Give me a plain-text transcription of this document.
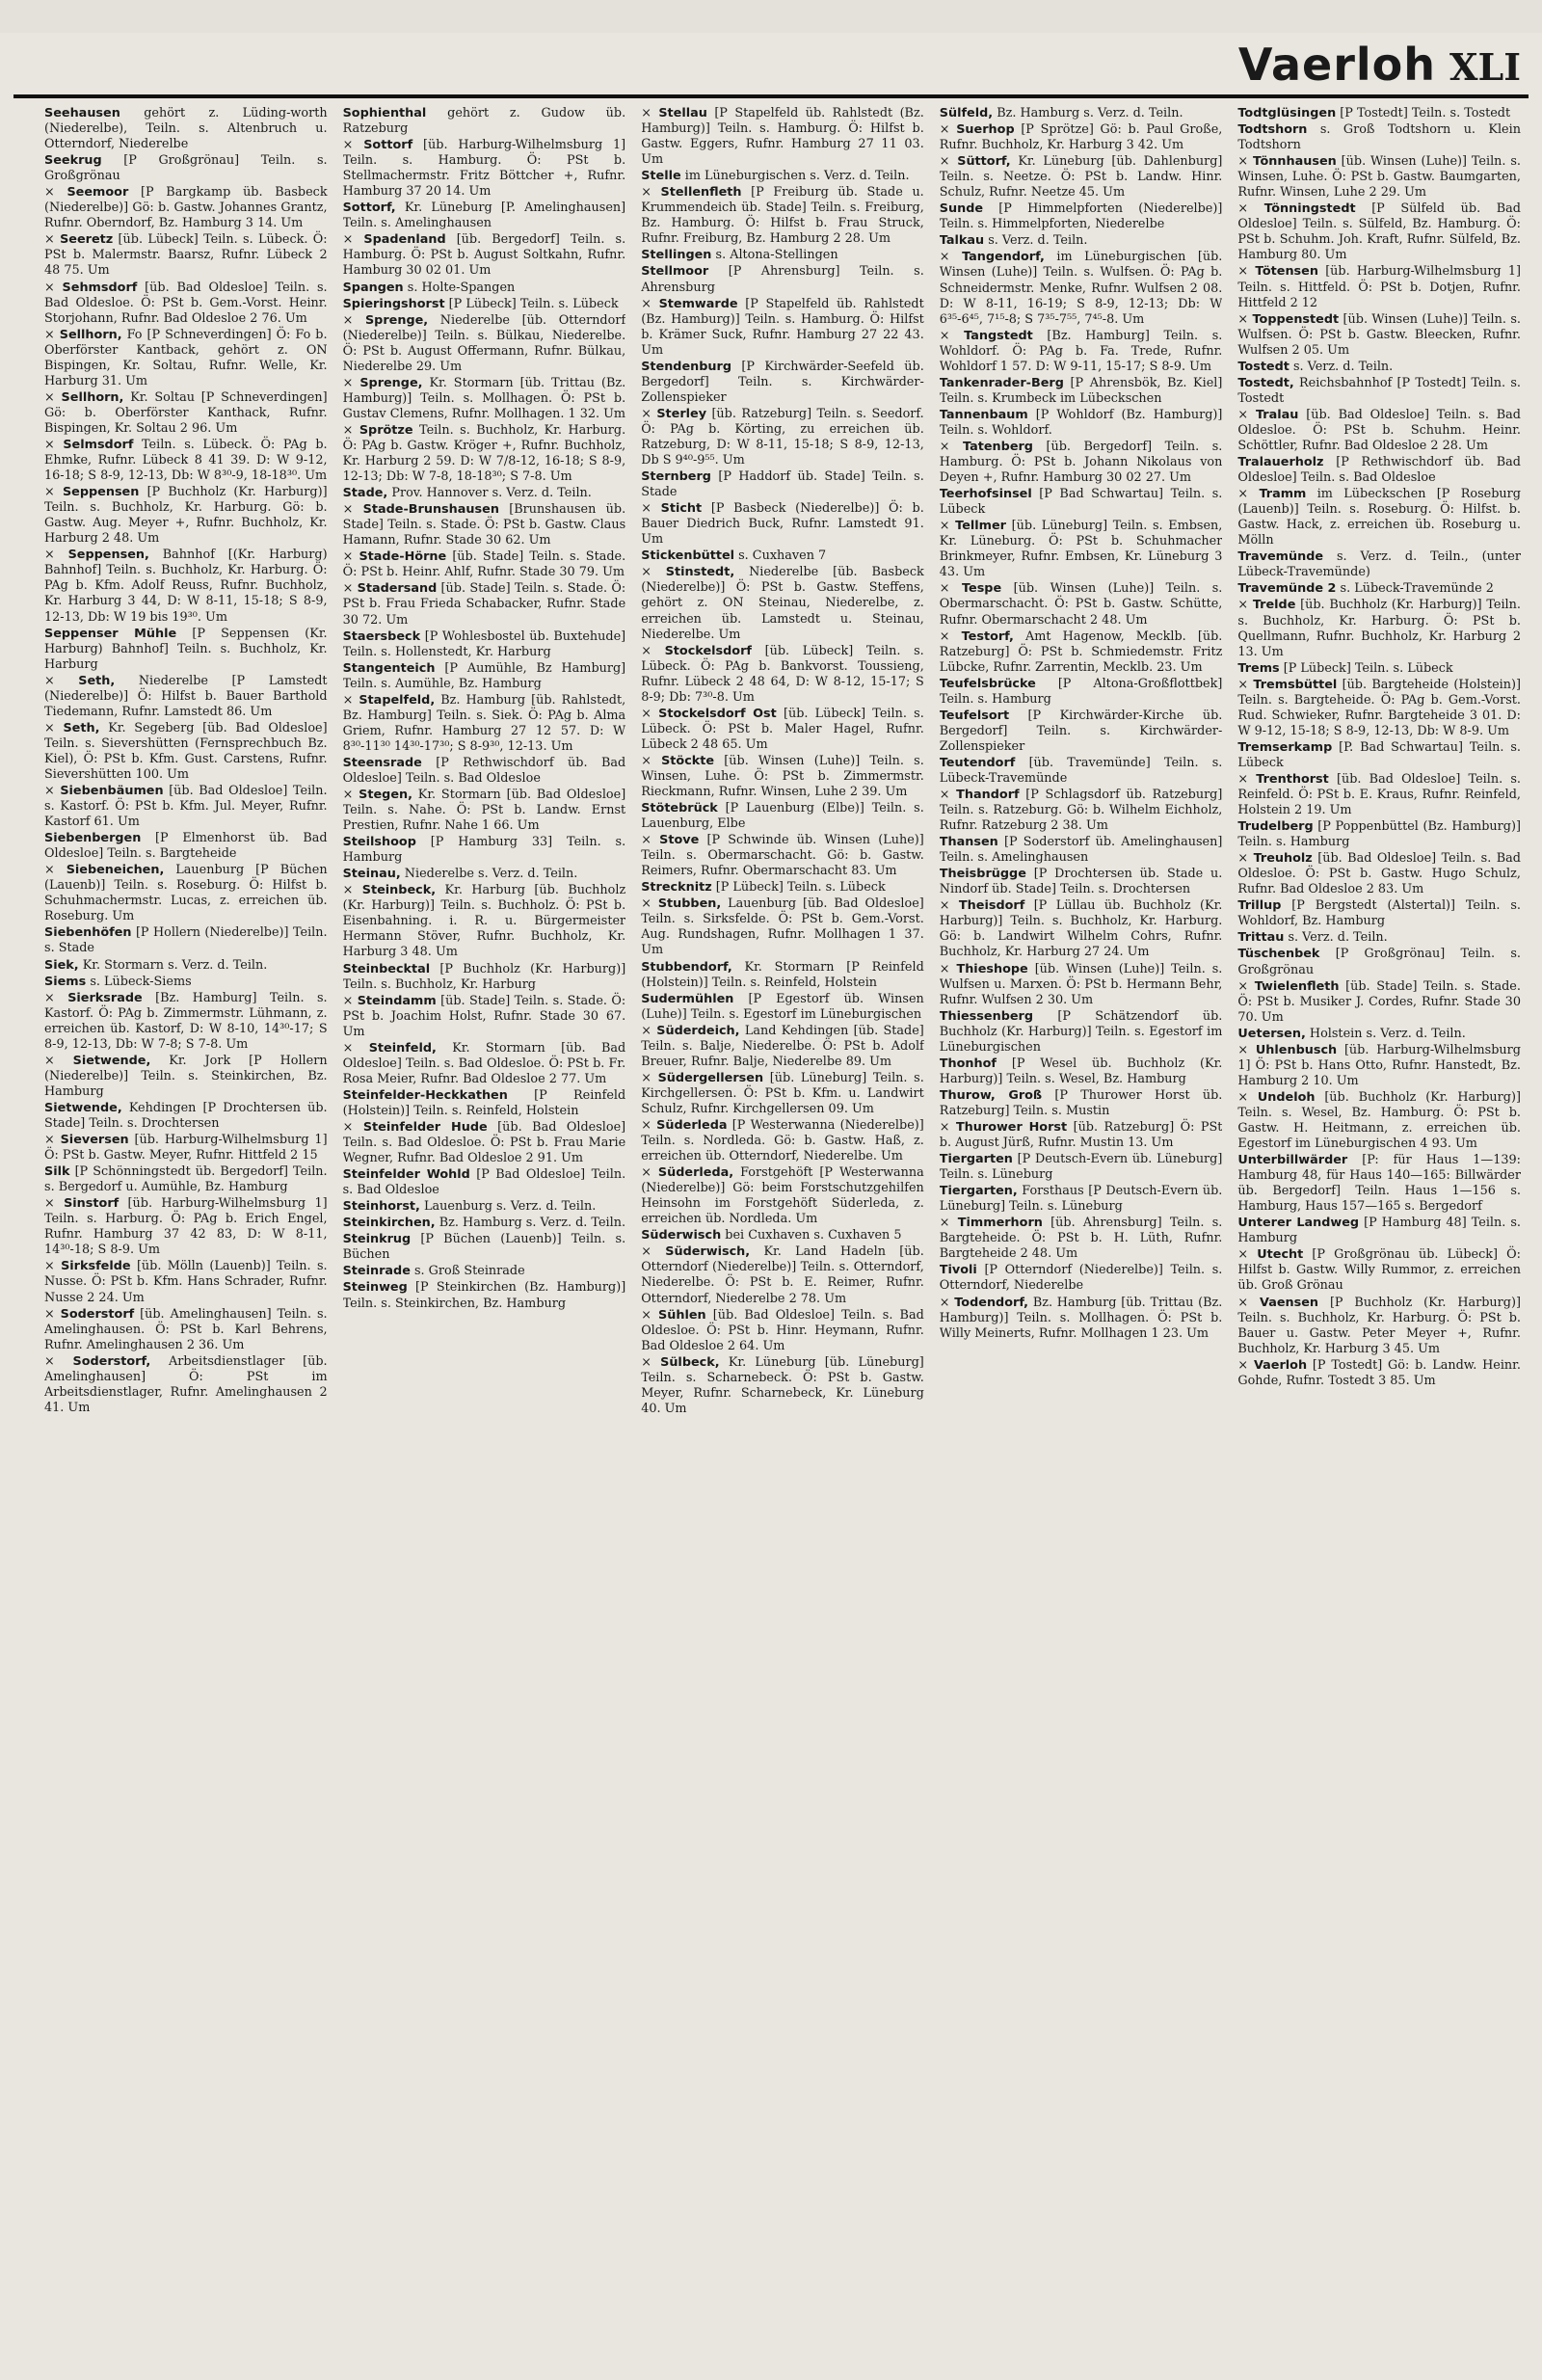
Vaerloh XLI
Seehausen gehört z. Lüding-worth (Niederelbe), Teiln. s. Altenbruch u. Otterndorf, Niederelbe
Seekrug [P Großgrönau] Teiln. s. Großgrönau
× Seemoor [P Bargkamp üb. Basbeck (Niederelbe)] Gö: b. Gastw. Johannes Grantz, Rufnr. Oberndorf, Bz. Hamburg 3 14. Um
× Seeretz [üb. Lübeck] Teiln. s. Lübeck. Ö: PSt b. Malermstr. Baarsz, Rufnr. Lübeck 2 48 75. Um
× Sehmsdorf [üb. Bad Oldesloe] Teiln. s. Bad Oldesloe. Ö: PSt b. Gem.-Vorst. Heinr. Storjohann, Rufnr. Bad Oldesloe 2 76. Um
× Sellhorn, Fo [P Schneverdingen] Ö: Fo b. Oberförster Kantback, gehört z. ON Bispingen, Kr. Soltau, Rufnr. Welle, Kr. Harburg 31. Um
× Sellhorn, Kr. Soltau [P Schneverdingen] Gö: b. Oberförster Kanthack, Rufnr. Bispingen, Kr. Soltau 2 96. Um
× Selmsdorf Teiln. s. Lübeck. Ö: PAg b. Ehmke, Rufnr. Lübeck 8 41 39. D: W 9-12, 16-18; S 8-9, 12-13, Db: W 8³⁰-9, 18-18³⁰. Um
× Seppensen [P Buchholz (Kr. Harburg)] Teiln. s. Buchholz, Kr. Harburg. Gö: b. Gastw. Aug. Meyer +, Rufnr. Buchholz, Kr. Harburg 2 48. Um
× Seppensen, Bahnhof [(Kr. Harburg) Bahnhof] Teiln. s. Buchholz, Kr. Harburg. Ö: PAg b. Kfm. Adolf Reuss, Rufnr. Buchholz, Kr. Harburg 3 44, D: W 8-11, 15-18; S 8-9, 12-13, Db: W 19 bis 19³⁰. Um
Seppenser Mühle [P Seppensen (Kr. Harburg) Bahnhof] Teiln. s. Buchholz, Kr. Harburg
× Seth, Niederelbe [P Lamstedt (Niederelbe)] Ö: Hilfst b. Bauer Barthold Tiedemann, Rufnr. Lamstedt 86. Um
× Seth, Kr. Segeberg [üb. Bad Oldesloe] Teiln. s. Sievershütten (Fernsprechbuch Bz. Kiel), Ö: PSt b. Kfm. Gust. Carstens, Rufnr. Sievershütten 100. Um
× Siebenbäumen [üb. Bad Oldesloe] Teiln. s. Kastorf. Ö: PSt b. Kfm. Jul. Meyer, Rufnr. Kastorf 61. Um
Siebenbergen [P Elmenhorst üb. Bad Oldesloe] Teiln. s. Bargteheide
× Siebeneichen, Lauenburg [P Büchen (Lauenb)] Teiln. s. Roseburg. Ö: Hilfst b. Schuhmachermstr. Lucas, z. erreichen üb. Roseburg. Um
Siebenhöfen [P Hollern (Niederelbe)] Teiln. s. Stade
Siek, Kr. Stormarn s. Verz. d. Teiln.
Siems s. Lübeck-Siems
× Sierksrade [Bz. Hamburg] Teiln. s. Kastorf. Ö: PAg b. Zimmermstr. Lühmann, z. erreichen üb. Kastorf, D: W 8-10, 14³⁰-17; S 8-9, 12-13, Db: W 7-8; S 7-8. Um
× Sietwende, Kr. Jork [P Hollern (Niederelbe)] Teiln. s. Steinkirchen, Bz. Hamburg
Sietwende, Kehdingen [P Drochtersen üb. Stade] Teiln. s. Drochtersen
× Sieversen [üb. Harburg-Wilhelmsburg 1] Ö: PSt b. Gastw. Meyer, Rufnr. Hittfeld 2 15
Silk [P Schönningstedt üb. Bergedorf] Teiln. s. Bergedorf u. Aumühle, Bz. Hamburg
× Sinstorf [üb. Harburg-Wilhelmsburg 1] Teiln. s. Harburg. Ö: PAg b. Erich Engel, Rufnr. Hamburg 37 42 83, D: W 8-11, 14³⁰-18; S 8-9. Um
× Sirksfelde [üb. Mölln (Lauenb)] Teiln. s. Nusse. Ö: PSt b. Kfm. Hans Schrader, Rufnr. Nusse 2 24. Um
× Soderstorf [üb. Amelinghausen] Teiln. s. Amelinghausen. Ö: PSt b. Karl Behrens, Rufnr. Amelinghausen 2 36. Um
× Soderstorf, Arbeitsdienstlager [üb. Amelinghausen] Ö: PSt im Arbeitsdienstlager, Rufnr. Amelinghausen 2 41. Um
Sophienthal gehört z. Gudow üb. Ratzeburg
× Sottorf [üb. Harburg-Wilhelmsburg 1] Teiln. s. Hamburg. Ö: PSt b. Stellmachermstr. Fritz Böttcher +, Rufnr. Hamburg 37 20 14. Um
Sottorf, Kr. Lüneburg [P. Amelinghausen] Teiln. s. Amelinghausen
× Spadenland [üb. Bergedorf] Teiln. s. Hamburg. Ö: PSt b. August Soltkahn, Rufnr. Hamburg 30 02 01. Um
Spangen s. Holte-Spangen
Spieringshorst [P Lübeck] Teiln. s. Lübeck
× Sprenge, Niederelbe [üb. Otterndorf (Niederelbe)] Teiln. s. Bülkau, Niederelbe. Ö: PSt b. August Offermann, Rufnr. Bülkau, Niederelbe 29. Um
× Sprenge, Kr. Stormarn [üb. Trittau (Bz. Hamburg)] Teiln. s. Mollhagen. Ö: PSt b. Gustav Clemens, Rufnr. Mollhagen. 1 32. Um
× Sprötze Teiln. s. Buchholz, Kr. Harburg. Ö: PAg b. Gastw. Kröger +, Rufnr. Buchholz, Kr. Harburg 2 59. D: W 7/8-12, 16-18; S 8-9, 12-13; Db: W 7-8, 18-18³⁰; S 7-8. Um
Stade, Prov. Hannover s. Verz. d. Teiln.
× Stade-Brunshausen [Brunshausen üb. Stade] Teiln. s. Stade. Ö: PSt b. Gastw. Claus Hamann, Rufnr. Stade 30 62. Um
× Stade-Hörne [üb. Stade] Teiln. s. Stade. Ö: PSt b. Heinr. Ahlf, Rufnr. Stade 30 79. Um
× Stadersand [üb. Stade] Teiln. s. Stade. Ö: PSt b. Frau Frieda Schabacker, Rufnr. Stade 30 72. Um
Staersbeck [P Wohlesbostel üb. Buxtehude] Teiln. s. Hollenstedt, Kr. Harburg
Stangenteich [P Aumühle, Bz Hamburg] Teiln. s. Aumühle, Bz. Hamburg
× Stapelfeld, Bz. Hamburg [üb. Rahlstedt, Bz. Hamburg] Teiln. s. Siek. Ö: PAg b. Alma Griem, Rufnr. Hamburg 27 12 57. D: W 8³⁰-11³⁰ 14³⁰-17³⁰; S 8-9³⁰, 12-13. Um
Steensrade [P Rethwischdorf üb. Bad Oldesloe] Teiln. s. Bad Oldesloe
× Stegen, Kr. Stormarn [üb. Bad Oldesloe] Teiln. s. Nahe. Ö: PSt b. Landw. Ernst Prestien, Rufnr. Nahe 1 66. Um
Steilshoop [P Hamburg 33] Teiln. s. Hamburg
Steinau, Niederelbe s. Verz. d. Teiln.
× Steinbeck, Kr. Harburg [üb. Buchholz (Kr. Harburg)] Teiln. s. Buchholz. Ö: PSt b. Eisenbahning. i. R. u. Bürgermeister Hermann Stöver, Rufnr. Buchholz, Kr. Harburg 3 48. Um
Steinbecktal [P Buchholz (Kr. Harburg)] Teiln. s. Buchholz, Kr. Harburg
× Steindamm [üb. Stade] Teiln. s. Stade. Ö: PSt b. Joachim Holst, Rufnr. Stade 30 67. Um
× Steinfeld, Kr. Stormarn [üb. Bad Oldesloe] Teiln. s. Bad Oldesloe. Ö: PSt b. Fr. Rosa Meier, Rufnr. Bad Oldesloe 2 77. Um
Steinfelder-Heckkathen [P Reinfeld (Holstein)] Teiln. s. Reinfeld, Holstein
× Steinfelder Hude [üb. Bad Oldesloe] Teiln. s. Bad Oldesloe. Ö: PSt b. Frau Marie Wegner, Rufnr. Bad Oldesloe 2 91. Um
Steinfelder Wohld [P Bad Oldesloe] Teiln. s. Bad Oldesloe
Steinhorst, Lauenburg s. Verz. d. Teiln.
Steinkirchen, Bz. Hamburg s. Verz. d. Teiln.
Steinkrug [P Büchen (Lauenb)] Teiln. s. Büchen
Steinrade s. Groß Steinrade
Steinweg [P Steinkirchen (Bz. Hamburg)] Teiln. s. Steinkirchen, Bz. Hamburg
× Stellau [P Stapelfeld üb. Rahlstedt (Bz. Hamburg)] Teiln. s. Hamburg. Ö: Hilfst b. Gastw. Eggers, Rufnr. Hamburg 27 11 03. Um
Stelle im Lüneburgischen s. Verz. d. Teiln.
× Stellenfleth [P Freiburg üb. Stade u. Krummendeich üb. Stade] Teiln. s. Freiburg, Bz. Hamburg. Ö: Hilfst b. Frau Struck, Rufnr. Freiburg, Bz. Hamburg 2 28. Um
Stellingen s. Altona-Stellingen
Stellmoor [P Ahrensburg] Teiln. s. Ahrensburg
× Stemwarde [P Stapelfeld üb. Rahlstedt (Bz. Hamburg)] Teiln. s. Hamburg. Ö: Hilfst b. Krämer Suck, Rufnr. Hamburg 27 22 43. Um
Stendenburg [P Kirchwärder-Seefeld üb. Bergedorf] Teiln. s. Kirchwärder-Zollenspieker
× Sterley [üb. Ratzeburg] Teiln. s. Seedorf. Ö: PAg b. Körting, zu erreichen üb. Ratzeburg, D: W 8-11, 15-18; S 8-9, 12-13, Db S 9⁴⁰-9⁵⁵. Um
Sternberg [P Haddorf üb. Stade] Teiln. s. Stade
× Sticht [P Basbeck (Niederelbe)] Ö: b. Bauer Diedrich Buck, Rufnr. Lamstedt 91. Um
Stickenbüttel s. Cuxhaven 7
× Stinstedt, Niederelbe [üb. Basbeck (Niederelbe)] Ö: PSt b. Gastw. Steffens, gehört z. ON Steinau, Niederelbe, z. erreichen üb. Lamstedt u. Steinau, Niederelbe. Um
× Stockelsdorf [üb. Lübeck] Teiln. s. Lübeck. Ö: PAg b. Bankvorst. Toussieng, Rufnr. Lübeck 2 48 64, D: W 8-12, 15-17; S 8-9; Db: 7³⁰-8. Um
× Stockelsdorf Ost [üb. Lübeck] Teiln. s. Lübeck. Ö: PSt b. Maler Hagel, Rufnr. Lübeck 2 48 65. Um
× Stöckte [üb. Winsen (Luhe)] Teiln. s. Winsen, Luhe. Ö: PSt b. Zimmermstr. Rieckmann, Rufnr. Winsen, Luhe 2 39. Um
Stötebrück [P Lauenburg (Elbe)] Teiln. s. Lauenburg, Elbe
× Stove [P Schwinde üb. Winsen (Luhe)] Teiln. s. Obermarschacht. Gö: b. Gastw. Reimers, Rufnr. Obermarschacht 83. Um
Strecknitz [P Lübeck] Teiln. s. Lübeck
× Stubben, Lauenburg [üb. Bad Oldesloe] Teiln. s. Sirksfelde. Ö: PSt b. Gem.-Vorst. Aug. Rundshagen, Rufnr. Mollhagen 1 37. Um
Stubbendorf, Kr. Stormarn [P Reinfeld (Holstein)] Teiln. s. Reinfeld, Holstein
Sudermühlen [P Egestorf üb. Winsen (Luhe)] Teiln. s. Egestorf im Lüneburgischen
× Süderdeich, Land Kehdingen [üb. Stade] Teiln. s. Balje, Niederelbe. Ö: PSt b. Adolf Breuer, Rufnr. Balje, Niederelbe 89. Um
× Südergellersen [üb. Lüneburg] Teiln. s. Kirchgellersen. Ö: PSt b. Kfm. u. Landwirt Schulz, Rufnr. Kirchgellersen 09. Um
× Süderleda [P Westerwanna (Niederelbe)] Teiln. s. Nordleda. Gö: b. Gastw. Haß, z. erreichen üb. Otterndorf, Niederelbe. Um
× Süderleda, Forstgehöft [P Westerwanna (Niederelbe)] Gö: beim Forstschutzgehilfen Heinsohn im Forstgehöft Süderleda, z. erreichen üb. Nordleda. Um
Süderwisch bei Cuxhaven s. Cuxhaven 5
× Süderwisch, Kr. Land Hadeln [üb. Otterndorf (Niederelbe)] Teiln. s. Otterndorf, Niederelbe. Ö: PSt b. E. Reimer, Rufnr. Otterndorf, Niederelbe 2 78. Um
× Sühlen [üb. Bad Oldesloe] Teiln. s. Bad Oldesloe. Ö: PSt b. Hinr. Heymann, Rufnr. Bad Oldesloe 2 64. Um
× Sülbeck, Kr. Lüneburg [üb. Lüneburg] Teiln. s. Scharnebeck. Ö: PSt b. Gastw. Meyer, Rufnr. Scharnebeck, Kr. Lüneburg 40. Um
Sülfeld, Bz. Hamburg s. Verz. d. Teiln.
× Suerhop [P Sprötze] Gö: b. Paul Große, Rufnr. Buchholz, Kr. Harburg 3 42. Um
× Süttorf, Kr. Lüneburg [üb. Dahlenburg] Teiln. s. Neetze. Ö: PSt b. Landw. Hinr. Schulz, Rufnr. Neetze 45. Um
Sunde [P Himmelpforten (Niederelbe)] Teiln. s. Himmelpforten, Niederelbe
Talkau s. Verz. d. Teiln.
× Tangendorf, im Lüneburgischen [üb. Winsen (Luhe)] Teiln. s. Wulfsen. Ö: PAg b. Schneidermstr. Menke, Rufnr. Wulfsen 2 08. D: W 8-11, 16-19; S 8-9, 12-13; Db: W 6³⁵-6⁴⁵, 7¹⁵-8; S 7³⁵-7⁵⁵, 7⁴⁵-8. Um
× Tangstedt [Bz. Hamburg] Teiln. s. Wohldorf. Ö: PAg b. Fa. Trede, Rufnr. Wohldorf 1 57. D: W 9-11, 15-17; S 8-9. Um
Tankenrader-Berg [P Ahrensbök, Bz. Kiel] Teiln. s. Krumbeck im Lübeckschen
Tannenbaum [P Wohldorf (Bz. Hamburg)] Teiln. s. Wohldorf.
× Tatenberg [üb. Bergedorf] Teiln. s. Hamburg. Ö: PSt b. Johann Nikolaus von Deyen +, Rufnr. Hamburg 30 02 27. Um
Teerhofsinsel [P Bad Schwartau] Teiln. s. Lübeck
× Tellmer [üb. Lüneburg] Teiln. s. Embsen, Kr. Lüneburg. Ö: PSt b. Schuhmacher Brinkmeyer, Rufnr. Embsen, Kr. Lüneburg 3 43. Um
× Tespe [üb. Winsen (Luhe)] Teiln. s. Obermarschacht. Ö: PSt b. Gastw. Schütte, Rufnr. Obermarschacht 2 48. Um
× Testorf, Amt Hagenow, Mecklb. [üb. Ratzeburg] Ö: PSt b. Schmiedemstr. Fritz Lübcke, Rufnr. Zarrentin, Mecklb. 23. Um
Teufelsbrücke [P Altona-Großflottbek] Teiln. s. Hamburg
Teufelsort [P Kirchwärder-Kirche üb. Bergedorf] Teiln. s. Kirchwärder-Zollenspieker
Teutendorf [üb. Travemünde] Teiln. s. Lübeck-Travemünde
× Thandorf [P Schlagsdorf üb. Ratzeburg] Teiln. s. Ratzeburg. Gö: b. Wilhelm Eichholz, Rufnr. Ratzeburg 2 38. Um
Thansen [P Soderstorf üb. Amelinghausen] Teiln. s. Amelinghausen
Theisbrügge [P Drochtersen üb. Stade u. Nindorf üb. Stade] Teiln. s. Drochtersen
× Theisdorf [P Lüllau üb. Buchholz (Kr. Harburg)] Teiln. s. Buchholz, Kr. Harburg. Gö: b. Landwirt Wilhelm Cohrs, Rufnr. Buchholz, Kr. Harburg 27 24. Um
× Thieshope [üb. Winsen (Luhe)] Teiln. s. Wulfsen u. Marxen. Ö: PSt b. Hermann Behr, Rufnr. Wulfsen 2 30. Um
Thiessenberg [P Schätzendorf üb. Buchholz (Kr. Harburg)] Teiln. s. Egestorf im Lüneburgischen
Thonhof [P Wesel üb. Buchholz (Kr. Harburg)] Teiln. s. Wesel, Bz. Hamburg
Thurow, Groß [P Thurower Horst üb. Ratzeburg] Teiln. s. Mustin
× Thurower Horst [üb. Ratzeburg] Ö: PSt b. August Jürß, Rufnr. Mustin 13. Um
Tiergarten [P Deutsch-Evern üb. Lüneburg] Teiln. s. Lüneburg
Tiergarten, Forsthaus [P Deutsch-Evern üb. Lüneburg] Teiln. s. Lüneburg
× Timmerhorn [üb. Ahrensburg] Teiln. s. Bargteheide. Ö: PSt b. H. Lüth, Rufnr. Bargteheide 2 48. Um
Tivoli [P Otterndorf (Niederelbe)] Teiln. s. Otterndorf, Niederelbe
× Todendorf, Bz. Hamburg [üb. Trittau (Bz. Hamburg)] Teiln. s. Mollhagen. Ö: PSt b. Willy Meinerts, Rufnr. Mollhagen 1 23. Um
Todtglüsingen [P Tostedt] Teiln. s. Tostedt
Todtshorn s. Groß Todtshorn u. Klein Todtshorn
× Tönnhausen [üb. Winsen (Luhe)] Teiln. s. Winsen, Luhe. Ö: PSt b. Gastw. Baumgarten, Rufnr. Winsen, Luhe 2 29. Um
× Tönningstedt [P Sülfeld üb. Bad Oldesloe] Teiln. s. Sülfeld, Bz. Hamburg. Ö: PSt b. Schuhm. Joh. Kraft, Rufnr. Sülfeld, Bz. Hamburg 80. Um
× Tötensen [üb. Harburg-Wilhelmsburg 1] Teiln. s. Hittfeld. Ö: PSt b. Dotjen, Rufnr. Hittfeld 2 12
× Toppenstedt [üb. Winsen (Luhe)] Teiln. s. Wulfsen. Ö: PSt b. Gastw. Bleecken, Rufnr. Wulfsen 2 05. Um
Tostedt s. Verz. d. Teiln.
Tostedt, Reichsbahnhof [P Tostedt] Teiln. s. Tostedt
× Tralau [üb. Bad Oldesloe] Teiln. s. Bad Oldesloe. Ö: PSt b. Schuhm. Heinr. Schöttler, Rufnr. Bad Oldesloe 2 28. Um
Tralauerholz [P Rethwischdorf üb. Bad Oldesloe] Teiln. s. Bad Oldesloe
× Tramm im Lübeckschen [P Roseburg (Lauenb)] Teiln. s. Roseburg. Ö: Hilfst. b. Gastw. Hack, z. erreichen üb. Roseburg u. Mölln
Travemünde s. Verz. d. Teiln., (unter Lübeck-Travemünde)
Travemünde 2 s. Lübeck-Travemünde 2
× Trelde [üb. Buchholz (Kr. Harburg)] Teiln. s. Buchholz, Kr. Harburg. Ö: PSt b. Quellmann, Rufnr. Buchholz, Kr. Harburg 2 13. Um
Trems [P Lübeck] Teiln. s. Lübeck
× Tremsbüttel [üb. Bargteheide (Holstein)] Teiln. s. Bargteheide. Ö: PAg b. Gem.-Vorst. Rud. Schwieker, Rufnr. Bargteheide 3 01. D: W 9-12, 15-18; S 8-9, 12-13, Db: W 8-9. Um
Tremserkamp [P. Bad Schwartau] Teiln. s. Lübeck
× Trenthorst [üb. Bad Oldesloe] Teiln. s. Reinfeld. Ö: PSt b. E. Kraus, Rufnr. Reinfeld, Holstein 2 19. Um
Trudelberg [P Poppenbüttel (Bz. Hamburg)] Teiln. s. Hamburg
× Treuholz [üb. Bad Oldesloe] Teiln. s. Bad Oldesloe. Ö: PSt b. Gastw. Hugo Schulz, Rufnr. Bad Oldesloe 2 83. Um
Trillup [P Bergstedt (Alstertal)] Teiln. s. Wohldorf, Bz. Hamburg
Trittau s. Verz. d. Teiln.
Tüschenbek [P Großgrönau] Teiln. s. Großgrönau
× Twielenfleth [üb. Stade] Teiln. s. Stade. Ö: PSt b. Musiker J. Cordes, Rufnr. Stade 30 70. Um
Uetersen, Holstein s. Verz. d. Teiln.
× Uhlenbusch [üb. Harburg-Wilhelmsburg 1] Ö: PSt b. Hans Otto, Rufnr. Hanstedt, Bz. Hamburg 2 10. Um
× Undeloh [üb. Buchholz (Kr. Harburg)] Teiln. s. Wesel, Bz. Hamburg. Ö: PSt b. Gastw. H. Heitmann, z. erreichen üb. Egestorf im Lüneburgischen 4 93. Um
Unterbillwärder [P: für Haus 1—139: Hamburg 48, für Haus 140—165: Billwärder üb. Bergedorf] Teiln. Haus 1—156 s. Hamburg, Haus 157—165 s. Bergedorf
Unterer Landweg [P Hamburg 48] Teiln. s. Hamburg
× Utecht [P Großgrönau üb. Lübeck] Ö: Hilfst b. Gastw. Willy Rummor, z. erreichen üb. Groß Grönau
× Vaensen [P Buchholz (Kr. Harburg)] Teiln. s. Buchholz, Kr. Harburg. Ö: PSt b. Bauer u. Gastw. Peter Meyer +, Rufnr. Buchholz, Kr. Harburg 3 45. Um
× Vaerloh [P Tostedt] Gö: b. Landw. Heinr. Gohde, Rufnr. Tostedt 3 85. Um
